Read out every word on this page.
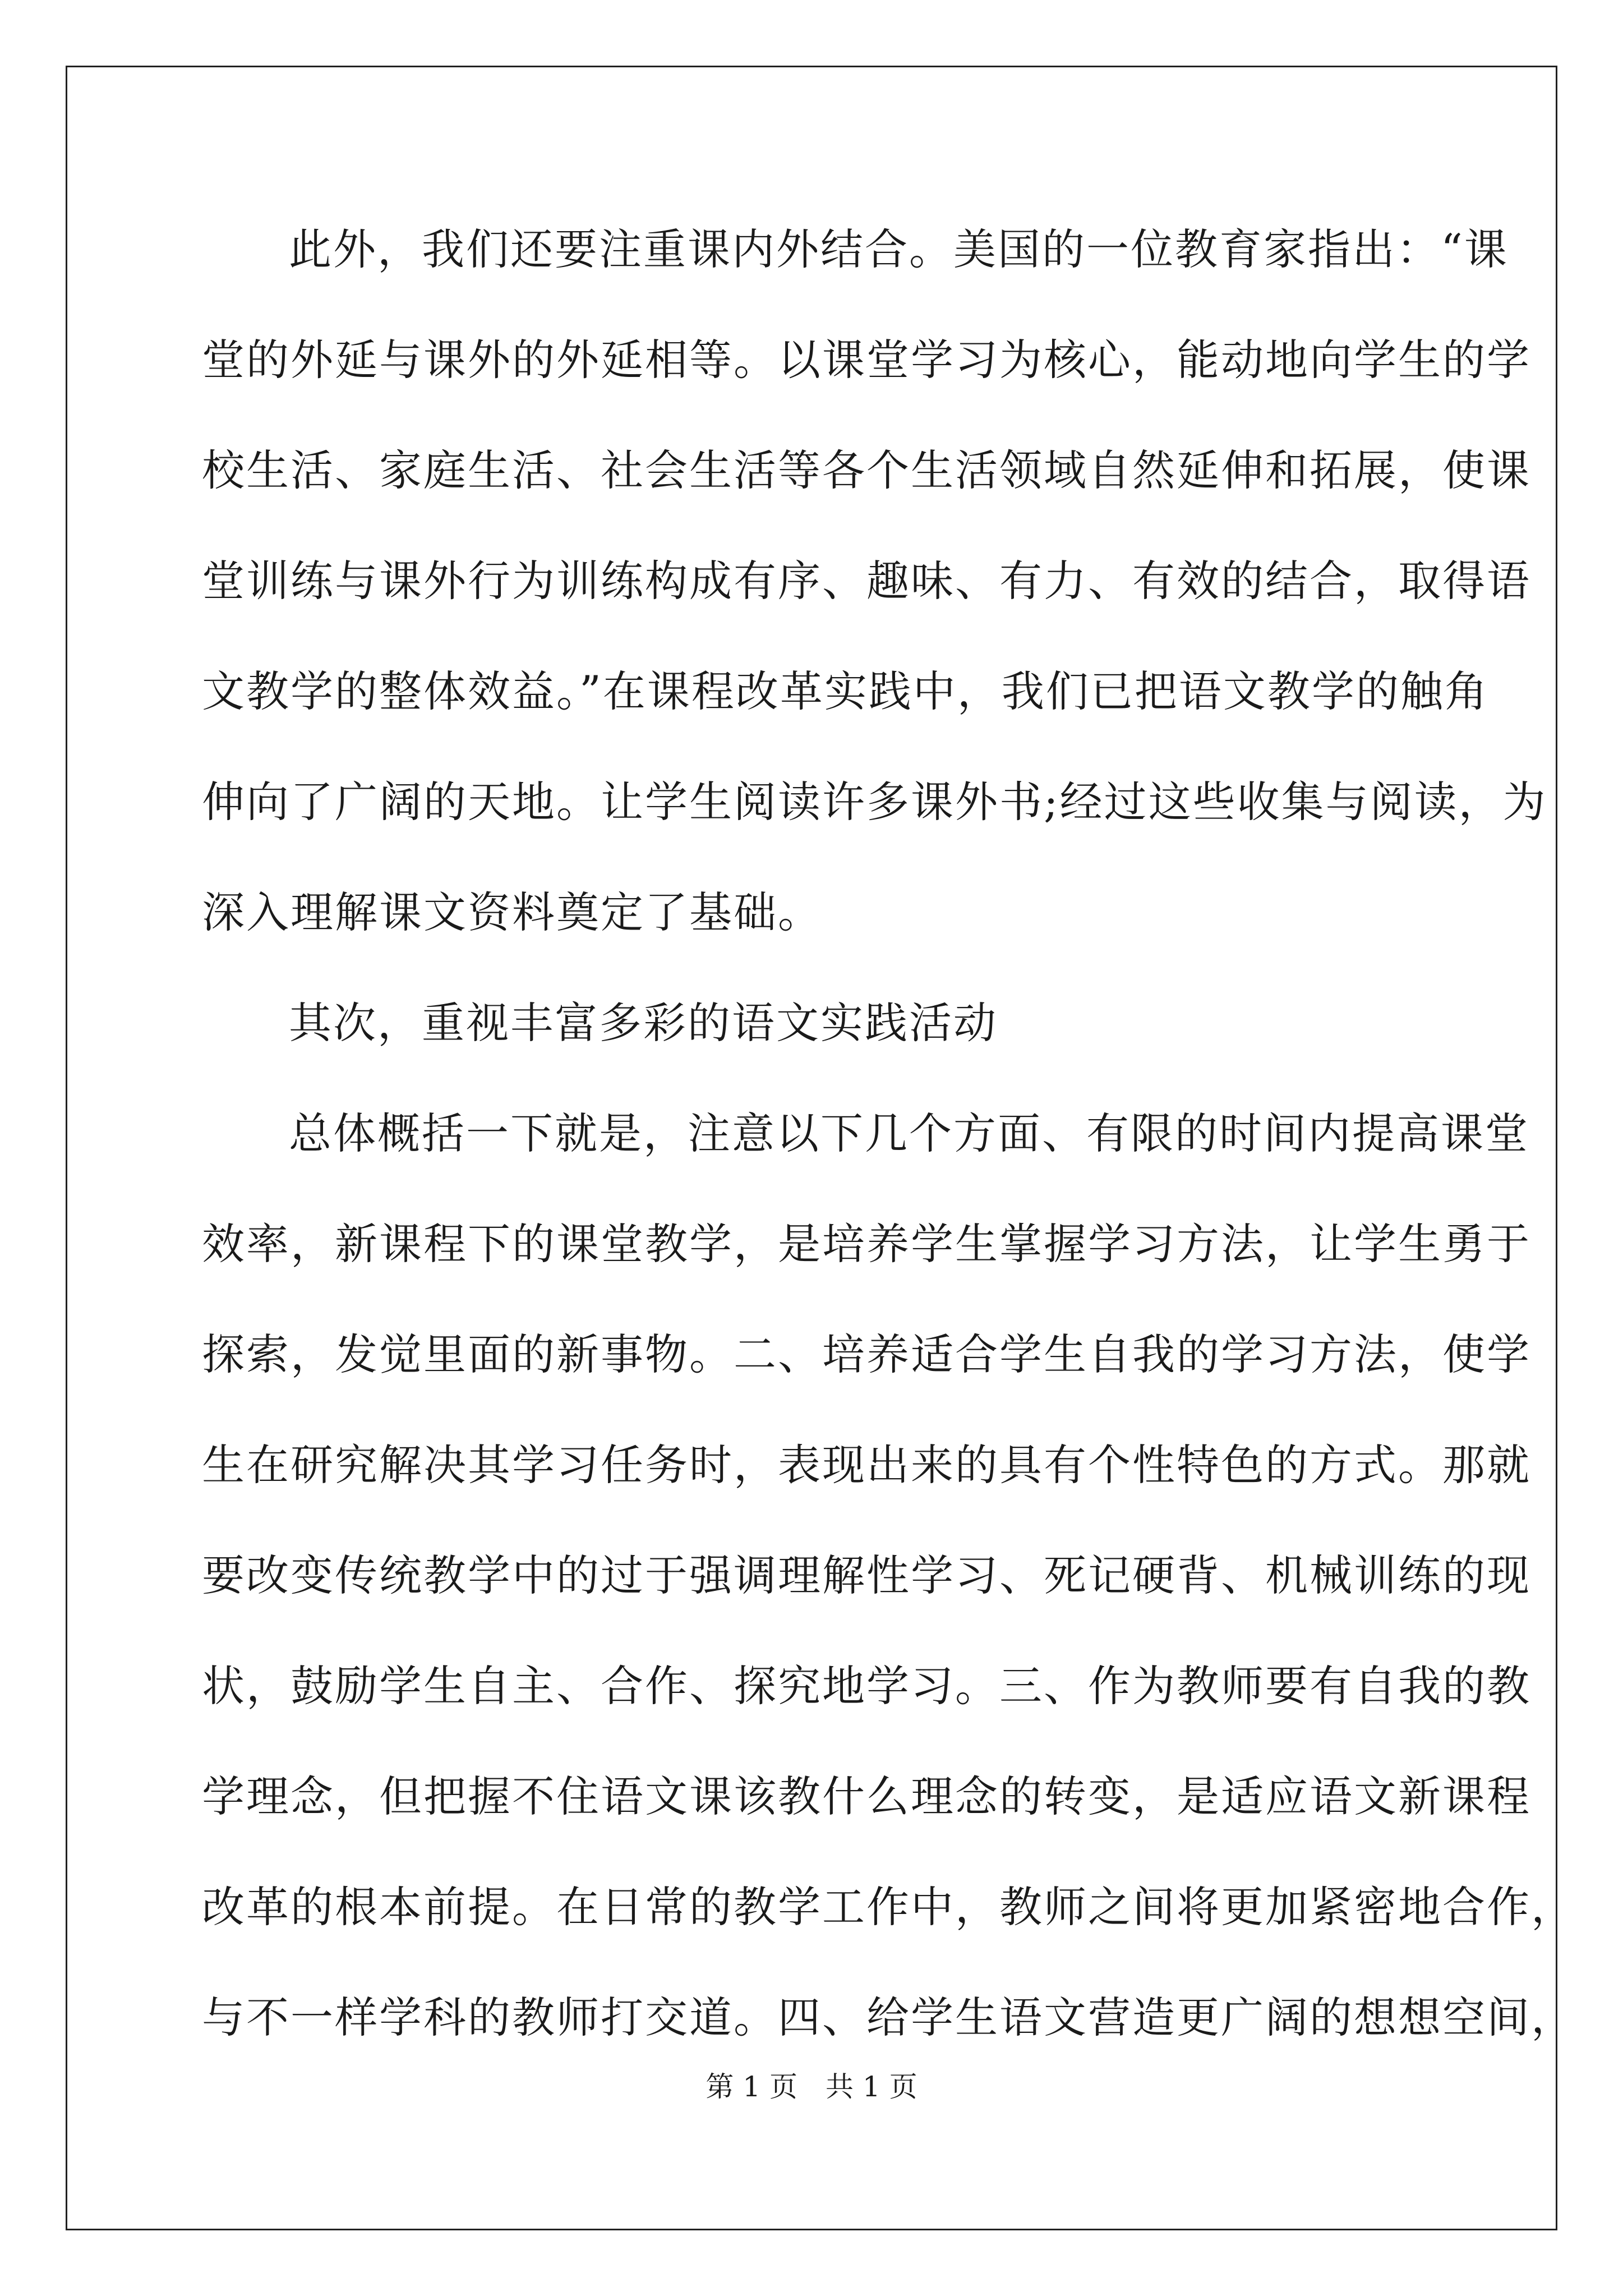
此外，我们还要注重课内外结合。美国的一位教育家指出：“课
堂的外延与课外的外延相等。以课堂学习为核心，能动地向学生的学
校生活、家庭生活、社会生活等各个生活领域自然延伸和拓展，使课
堂训练与课外行为训练构成有序、趣味、有力、有效的结合，取得语
文教学的整体效益。”在课程改革实践中，我们已把语文教学的触角
伸向了广阔的天地。让学生阅读许多课外书;经过这些收集与阅读，为
深入理解课文资料奠定了基础。
其次，重视丰富多彩的语文实践活动
总体概括一下就是，注意以下几个方面、有限的时间内提高课堂
效率，新课程下的课堂教学，是培养学生掌握学习方法，让学生勇于
探索，发觉里面的新事物。二、培养适合学生自我的学习方法，使学
生在研究解决其学习任务时，表现出来的具有个性特色的方式。那就
要改变传统教学中的过于强调理解性学习、死记硬背、机械训练的现
状，鼓励学生自主、合作、探究地学习。三、作为教师要有自我的教
学理念，但把握不住语文课该教什么理念的转变，是适应语文新课程
改革的根本前提。在日常的教学工作中，教师之间将更加紧密地合作，
与不一样学科的教师打交道。四、给学生语文营造更广阔的想想空间，
第 1 页　共 1 页
